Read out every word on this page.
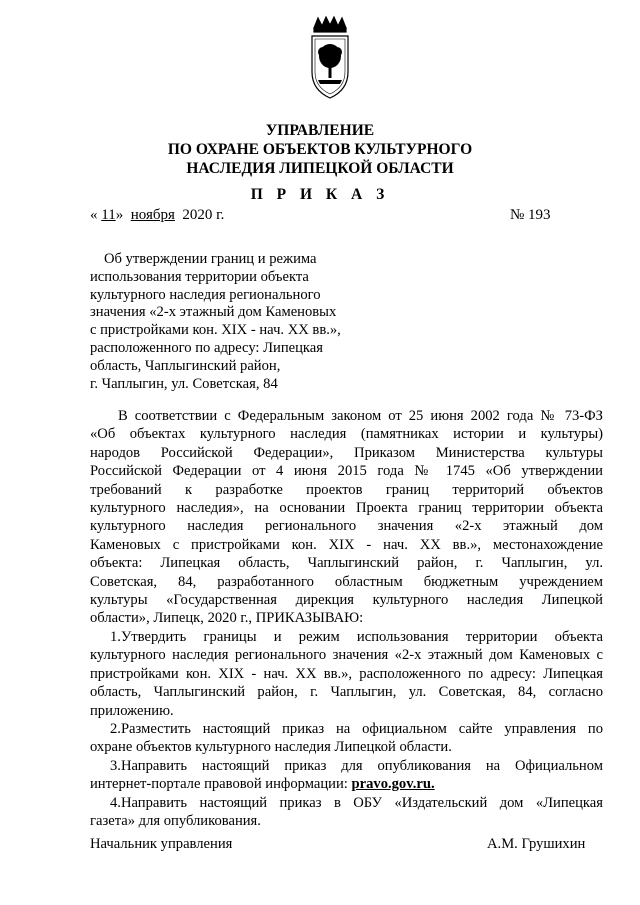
УПРАВЛЕНИЕ
ПО ОХРАНЕ ОБЪЕКТОВ КУЛЬТУРНОГО
НАСЛЕДИЯ ЛИПЕЦКОЙ ОБЛАСТИ
П Р И К А З
« 11» ноября 2020 г.	№ 193
Об утверждении границ и режима
использования территории объекта
культурного наследия регионального
значения «2-х этажный дом Каменовых
с пристройками кон. XIX - нач. XX вв.»,
расположенного по адресу: Липецкая
область, Чаплыгинский район,
г. Чаплыгин, ул. Советская, 84
В соответствии с Федеральным законом от 25 июня 2002 года № 73-ФЗ
«Об объектах культурного наследия (памятниках истории и культуры)
народов Российской Федерации», Приказом Министерства культуры
Российской Федерации от 4 июня 2015 года № 1745 «Об утверждении
требований к разработке проектов границ территорий объектов
культурного наследия», на основании Проекта границ территории объекта
культурного наследия регионального значения «2-х этажный дом
Каменовых с пристройками кон. XIX - нач. XX вв.», местонахождение
объекта: Липецкая область, Чаплыгинский район, г. Чаплыгин, ул.
Советская, 84, разработанного областным бюджетным учреждением
культуры «Государственная дирекция культурного наследия Липецкой
области», Липецк, 2020 г., ПРИКАЗЫВАЮ:
1.Утвердить границы и режим использования территории объекта
культурного наследия регионального значения «2-х этажный дом Каменовых с
пристройками кон. XIX - нач. XX вв.», расположенного по адресу: Липецкая
область, Чаплыгинский район, г. Чаплыгин, ул. Советская, 84, согласно
приложению.
2.Разместить настоящий приказ на официальном сайте управления по
охране объектов культурного наследия Липецкой области.
3.Направить настоящий приказ для опубликования на Официальном
интернет-портале правовой информации: pravo.gov.ru.
4.Направить настоящий приказ в ОБУ «Издательский дом «Липецкая
газета» для опубликования.
Начальник управления	А.М. Грушихин
